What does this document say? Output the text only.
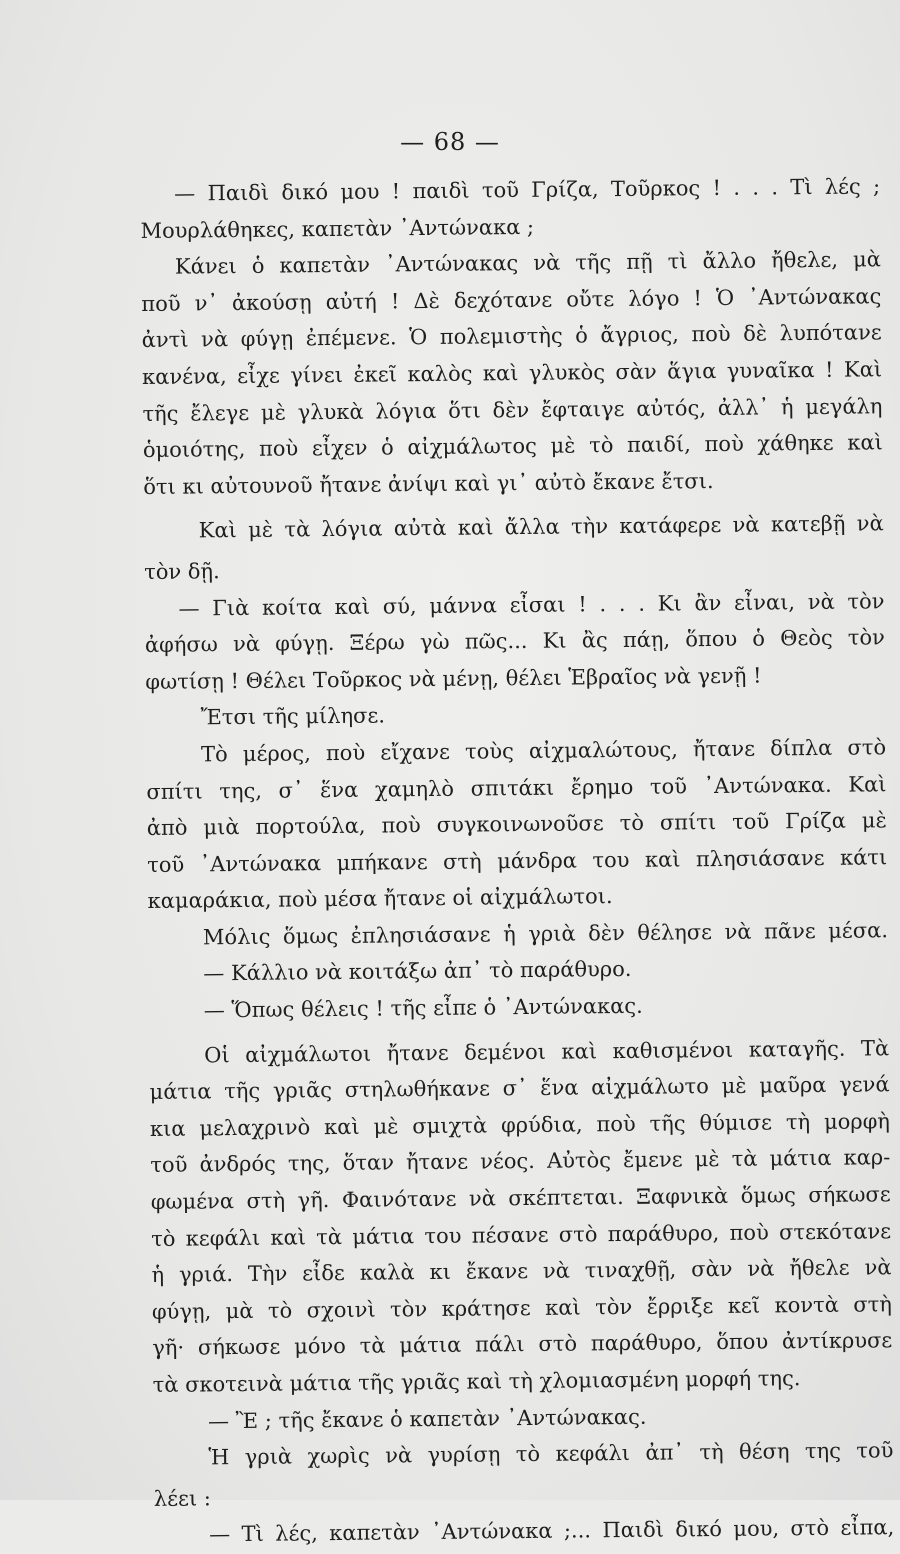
— 68 —
— Παιδὶ δικό μου ! παιδὶ τοῦ Γρίζα, Τοῦρκος ! . . . Τὶ λές ;
Μουρλάθηκες, καπετὰν ᾿Αντώνακα ;
Κάνει ὁ καπετὰν ᾿Αντώνακας νὰ τῆς πῇ τὶ ἄλλο ἤθελε, μὰ
ποῦ ν᾿ ἀκούσῃ αὐτή ! Δὲ δεχότανε οὔτε λόγο ! Ὁ ᾿Αντώνακας
ἀντὶ νὰ φύγῃ ἐπέμενε. Ὁ πολεμιστὴς ὁ ἄγριος, ποὺ δὲ λυπότανε
κανένα, εἶχε γίνει ἐκεῖ καλὸς καὶ γλυκὸς σὰν ἅγια γυναῖκα ! Καὶ
τῆς ἔλεγε μὲ γλυκὰ λόγια ὅτι δὲν ἔφταιγε αὐτός, ἀλλ᾿ ἡ μεγάλη
ὁμοιότης, ποὺ εἶχεν ὁ αἰχμάλωτος μὲ τὸ παιδί, ποὺ χάθηκε καὶ
ὅτι κι αὐτουνοῦ ἤτανε ἀνίψι καὶ γι᾿ αὐτὸ ἔκανε ἔτσι.
Καὶ μὲ τὰ λόγια αὐτὰ καὶ ἄλλα τὴν κατάφερε νὰ κατεβῇ νὰ
τὸν δῇ.
— Γιὰ κοίτα καὶ σύ, μάννα εἶσαι ! . . . Κι ἂν εἶναι, νὰ τὸν
ἀφήσω νὰ φύγῃ. Ξέρω γὼ πῶς... Κι ἂς πάῃ, ὅπου ὁ Θεὸς τὸν
φωτίσῃ ! Θέλει Τοῦρκος νὰ μένῃ, θέλει Ἑβραῖος νὰ γενῇ !
Ἔτσι τῆς μίλησε.
Τὸ μέρος, ποὺ εἴχανε τοὺς αἰχμαλώτους, ἤτανε δίπλα στὸ
σπίτι της, σ᾿ ἕνα χαμηλὸ σπιτάκι ἔρημο τοῦ ᾿Αντώνακα. Καὶ
ἀπὸ μιὰ πορτούλα, ποὺ συγκοινωνοῦσε τὸ σπίτι τοῦ Γρίζα μὲ
τοῦ ᾿Αντώνακα μπήκανε στὴ μάνδρα του καὶ πλησιάσανε κάτι
καμαράκια, ποὺ μέσα ἤτανε οἱ αἰχμάλωτοι.
Μόλις ὅμως ἐπλησιάσανε ἡ γριὰ δὲν θέλησε νὰ πᾶνε μέσα.
— Κάλλιο νὰ κοιτάξω ἀπ᾿ τὸ παράθυρο.
— Ὅπως θέλεις ! τῆς εἶπε ὁ ᾿Αντώνακας.
Οἱ αἰχμάλωτοι ἤτανε δεμένοι καὶ καθισμένοι καταγῆς. Τὰ
μάτια τῆς γριᾶς στηλωθήκανε σ᾿ ἕνα αἰχμάλωτο μὲ μαῦρα γενά
κια μελαχρινὸ καὶ μὲ σμιχτὰ φρύδια, ποὺ τῆς θύμισε τὴ μορφὴ
τοῦ ἀνδρός της, ὅταν ἤτανε νέος. Αὐτὸς ἔμενε μὲ τὰ μάτια καρ-
φωμένα στὴ γῆ. Φαινότανε νὰ σκέπτεται. Ξαφνικὰ ὅμως σήκωσε
τὸ κεφάλι καὶ τὰ μάτια του πέσανε στὸ παράθυρο, ποὺ στεκότανε
ἡ γριά. Τὴν εἶδε καλὰ κι ἔκανε νὰ τιναχθῇ, σὰν νὰ ἤθελε νὰ
φύγῃ, μὰ τὸ σχοινὶ τὸν κράτησε καὶ τὸν ἔρριξε κεῖ κοντὰ στὴ
γῆ· σήκωσε μόνο τὰ μάτια πάλι στὸ παράθυρο, ὅπου ἀντίκρυσε
τὰ σκοτεινὰ μάτια τῆς γριᾶς καὶ τὴ χλομιασμένη μορφή της.
— Ἒ ; τῆς ἔκανε ὁ καπετὰν ᾿Αντώνακας.
Ἡ γριὰ χωρὶς νὰ γυρίσῃ τὸ κεφάλι ἀπ᾿ τὴ θέση της τοῦ
λέει :
— Τὶ λές, καπετὰν ᾿Αντώνακα ;... Παιδὶ δικό μου, στὸ εἶπα,
